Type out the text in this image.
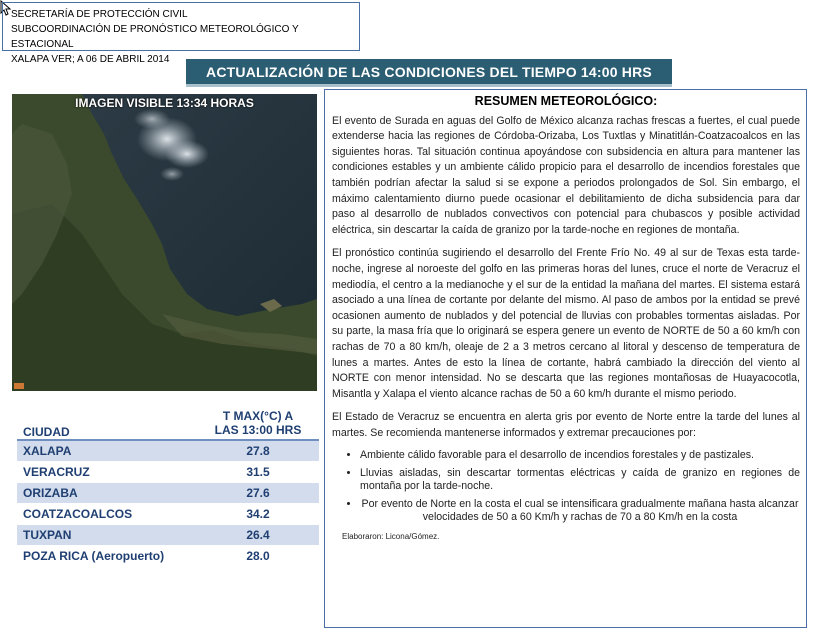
SECRETARÍA DE PROTECCIÓN CIVIL
SUBCOORDINACIÓN DE PRONÓSTICO METEOROLÓGICO Y ESTACIONAL
XALAPA VER; A 06 DE ABRIL 2014
ACTUALIZACIÓN DE LAS CONDICIONES DEL TIEMPO 14:00 HRS
IMAGEN VISIBLE 13:34 HORAS
CIUDAD	T MAX(°C) A
LAS 13:00 HRS

XALAPA	27.8
VERACRUZ	31.5
ORIZABA	27.6
COATZACOALCOS	34.2
TUXPAN	26.4
POZA RICA (Aeropuerto)	28.0
RESUMEN METEOROLÓGICO:

El evento de Surada en aguas del Golfo de México alcanza rachas frescas a fuertes, el cual puede extenderse hacia las regiones de Córdoba-Orizaba, Los Tuxtlas y Minatitlán-Coatzacoalcos en las siguientes horas. Tal situación continua apoyándose con subsidencia en altura para mantener las condiciones estables y un ambiente cálido propicio para el desarrollo de incendios forestales que también podrían afectar la salud si se expone a periodos prolongados de Sol. Sin embargo, el máximo calentamiento diurno puede ocasionar el debilitamiento de dicha subsidencia para dar paso al desarrollo de nublados convectivos con potencial para chubascos y posible actividad eléctrica, sin descartar la caída de granizo por la tarde-noche en regiones de montaña.

El pronóstico continúa sugiriendo el desarrollo del Frente Frío No. 49 al sur de Texas esta tarde-noche, ingrese al noroeste del golfo en las primeras horas del lunes, cruce el norte de Veracruz el mediodía, el centro a la medianoche y el sur de la entidad la mañana del martes. El sistema estará asociado a una línea de cortante por delante del mismo. Al paso de ambos por la entidad se prevé ocasionen aumento de nublados y del potencial de lluvias con probables tormentas aisladas. Por su parte, la masa fría que lo originará se espera genere un evento de NORTE de 50 a 60 km/h con rachas de 70 a 80 km/h, oleaje de 2 a 3 metros cercano al litoral y descenso de temperatura de lunes a martes. Antes de esto la línea de cortante, habrá cambiado la dirección del viento al NORTE con menor intensidad. No se descarta que las regiones montañosas de Huayacocotla, Misantla y Xalapa el viento alcance rachas de 50 a 60 km/h durante el mismo periodo.

El Estado de Veracruz se encuentra en alerta gris por evento de Norte entre la tarde del lunes al martes. Se recomienda mantenerse informados y extremar precauciones por:

• Ambiente cálido favorable para el desarrollo de incendios forestales y de pastizales.
• Lluvias aisladas, sin descartar tormentas eléctricas y caída de granizo en regiones de montaña por la tarde-noche.
• Por evento de Norte en la costa el cual se intensificara gradualmente mañana hasta alcanzar velocidades de 50 a 60 Km/h y rachas de 70 a 80 Km/h en la costa
Elaboraron: Licona/Gómez.
